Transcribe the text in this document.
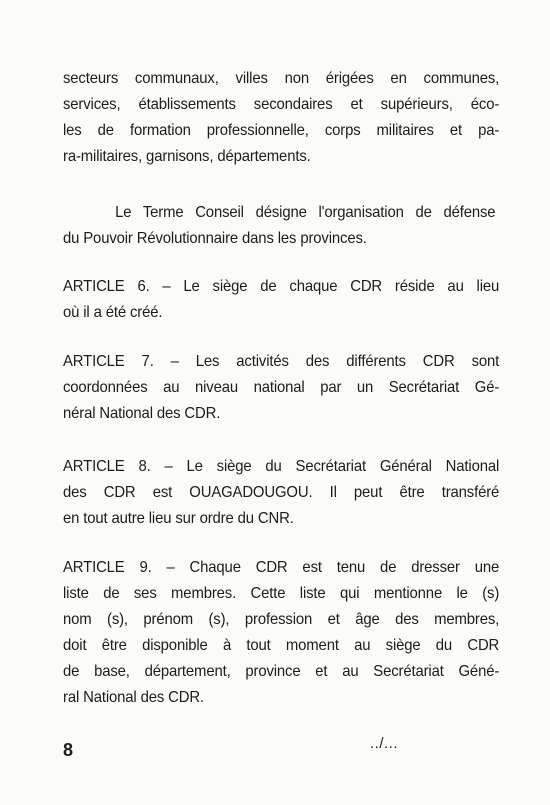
secteurs communaux, villes non érigées en communes,
services, établissements secondaires et supérieurs, éco-
les de formation professionnelle, corps militaires et pa-
ra-militaires, garnisons, départements.
Le Terme Conseil désigne l'organisation de défense
du Pouvoir Révolutionnaire dans les provinces.
ARTICLE 6. – Le siège de chaque CDR réside au lieu
où il a été créé.
ARTICLE 7. – Les activités des différents CDR sont
coordonnées au niveau national par un Secrétariat Gé-
néral National des CDR.
ARTICLE 8. – Le siège du Secrétariat Général National
des CDR est OUAGADOUGOU. Il peut être transféré
en tout autre lieu sur ordre du CNR.
ARTICLE 9. – Chaque CDR est tenu de dresser une
liste de ses membres. Cette liste qui mentionne le (s)
nom (s), prénom (s), profession et âge des membres,
doit être disponible à tout moment au siège du CDR
de base, département, province et au Secrétariat Géné-
ral National des CDR.
8	../...
